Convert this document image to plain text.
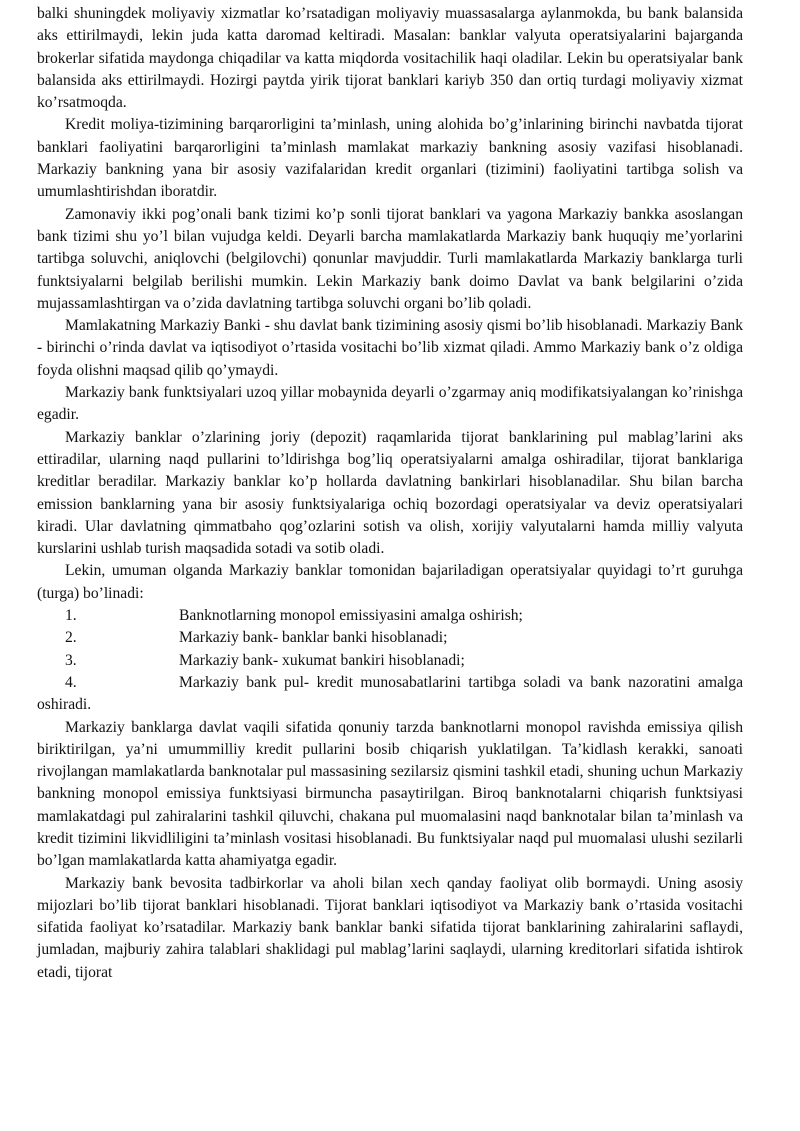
balki shuningdek moliyaviy xizmatlar ko’rsatadigan moliyaviy muassasalarga aylanmokda, bu bank balansida aks ettirilmaydi, lekin juda katta daromad keltiradi. Masalan: banklar valyuta operatsiyalarini bajarganda brokerlar sifatida maydonga chiqadilar va katta miqdorda vositachilik haqi oladilar. Lekin bu operatsiyalar bank balansida aks ettirilmaydi. Hozirgi paytda yirik tijorat banklari kariyb 350 dan ortiq turdagi moliyaviy xizmat ko’rsatmoqda.

Kredit moliya-tizimining barqarorligini ta’minlash, uning alohida bo’g’inlarining birinchi navbatda tijorat banklari faoliyatini barqarorligini ta’minlash mamlakat markaziy bankning asosiy vazifasi hisoblanadi. Markaziy bankning yana bir asosiy vazifalaridan kredit organlari (tizimini) faoliyatini tartibga solish va umumlashtirishdan iboratdir.

Zamonaviy ikki pog’onali bank tizimi ko’p sonli tijorat banklari va yagona Markaziy bankka asoslangan bank tizimi shu yo’l bilan vujudga keldi. Deyarli barcha mamlakatlarda Markaziy bank huquqiy me’yorlarini tartibga soluvchi, aniqlovchi (belgilovchi) qonunlar mavjuddir. Turli mamlakatlarda Markaziy banklarga turli funktsiyalarni belgilab berilishi mumkin. Lekin Markaziy bank doimo Davlat va bank belgilarini o’zida mujassamlashtirgan va o’zida davlatning tartibga soluvchi organi bo’lib qoladi.

Mamlakatning Markaziy Banki - shu davlat bank tizimining asosiy qismi bo’lib hisoblanadi. Markaziy Bank - birinchi o’rinda davlat va iqtisodiyot o’rtasida vositachi bo’lib xizmat qiladi. Ammo Markaziy bank o’z oldiga foyda olishni maqsad qilib qo’ymaydi.

Markaziy bank funktsiyalari uzoq yillar mobaynida deyarli o’zgarmay aniq modifikatsiyalangan ko’rinishga egadir.

Markaziy banklar o’zlarining joriy (depozit) raqamlarida tijorat banklarining pul mablag’larini aks ettiradilar, ularning naqd pullarini to’ldirishga bog’liq operatsiyalarni amalga oshiradilar, tijorat banklariga kreditlar beradilar. Markaziy banklar ko’p hollarda davlatning bankirlari hisoblanadilar. Shu bilan barcha emission banklarning yana bir asosiy funktsiyalariga ochiq bozordagi operatsiyalar va deviz operatsiyalari kiradi. Ular davlatning qimmatbaho qog’ozlarini sotish va olish, xorijiy valyutalarni hamda milliy valyuta kurslarini ushlab turish maqsadida sotadi va sotib oladi.

Lekin, umuman olganda Markaziy banklar tomonidan bajariladigan operatsiyalar quyidagi to’rt guruhga (turga) bo’linadi:

1.	Banknotlarning monopol emissiyasini amalga oshirish;
2.	Markaziy bank- banklar banki hisoblanadi;
3.	Markaziy bank- xukumat bankiri hisoblanadi;

4.	Markaziy bank pul- kredit munosabatlarini tartibga soladi va bank nazoratini amalga oshiradi.

Markaziy banklarga davlat vaqili sifatida qonuniy tarzda banknotlarni monopol ravishda emissiya qilish biriktirilgan, ya’ni umummilliy kredit pullarini bosib chiqarish yuklatilgan. Ta’kidlash kerakki, sanoati rivojlangan mamlakatlarda banknotalar pul massasining sezilarsiz qismini tashkil etadi, shuning uchun Markaziy bankning monopol emissiya funktsiyasi birmuncha pasaytirilgan. Biroq banknotalarni chiqarish funktsiyasi mamlakatdagi pul zahiralarini tashkil qiluvchi, chakana pul muomalasini naqd banknotalar bilan ta’minlash va kredit tizimini likvidliligini ta’minlash vositasi hisoblanadi. Bu funktsiyalar naqd pul muomalasi ulushi sezilarli bo’lgan mamlakatlarda katta ahamiyatga egadir.

Markaziy bank bevosita tadbirkorlar va aholi bilan xech qanday faoliyat olib bormaydi. Uning asosiy mijozlari bo’lib tijorat banklari hisoblanadi. Tijorat banklari iqtisodiyot va Markaziy bank o’rtasida vositachi sifatida faoliyat ko’rsatadilar. Markaziy bank banklar banki sifatida tijorat banklarining zahiralarini saflaydi, jumladan, majburiy zahira talablari shaklidagi pul mablag’larini saqlaydi, ularning kreditorlari sifatida ishtirok etadi, tijorat
